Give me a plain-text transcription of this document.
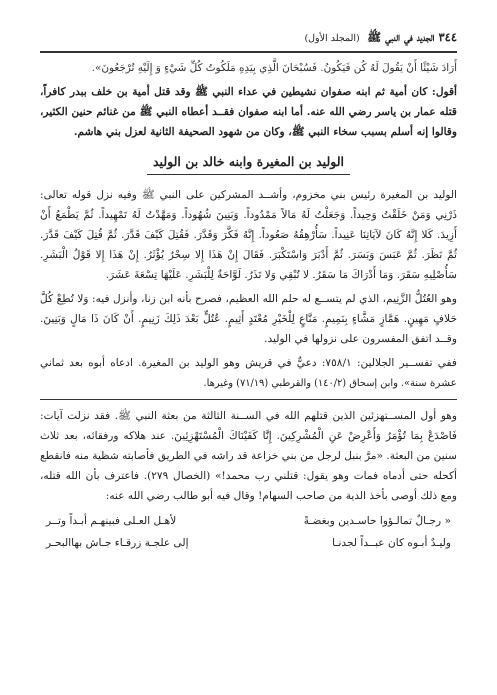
٣٤٤ الجديد في النبي ﷺ (المجلد الأول)

أَرَادَ شَيْئًا أَنْ يَقُولَ لَهُ كُن فَيَكُونُ. فَسُبْحَانَ الَّذِي بِيَدِهِ مَلَكُوتُ كُلِّ شَيْءٍ وَ إِلَيْهِ تُرْجَعُونَ».

أقول: كان أمية ثم ابنه صفوان نشيطين في عداء النبي ﷺ وقد قتل أمية بن خلف ببدر كافراً، قتله عمار بن ياسر رضي الله عنه. أما ابنه صفوان فقــد أعطاه النبي ﷺ من غنائم حنين الكثير، وقالوا إنه أسلم بسبب سخاء النبي ﷺ، وكان من شهود الصحيفة الثانية لعزل بني هاشم.

الوليد بن المغيرة وابنه خالد بن الوليد

الوليد بن المغيرة رئيس بني مخزوم، وأشــد المشركين على النبي ﷺ وفيه نزل قوله تعالى: ذَرْنِي وَمَنْ خَلَقْتُ وَحِيداً. وَجَعَلْتُ لَهُ مَالاً مَمْدُوداً. وَبَنِينَ شُهُوداً. وَمَهَّدْتُ لَهُ تَمْهِيداً. ثُمَّ يَطْمَعُ أَنْ أَزِيدَ. كَلا إِنَّهُ كَانَ لآيَاتِنَا عَنِيداً. سَأُرْهِقُهُ صَعُوداً. إِنَّهُ فَكَّرَ وَقَدَّرَ. فَقُتِلَ كَيْفَ قَدَّرَ. ثُمَّ قُتِلَ كَيْفَ قَدَّرَ. ثُمَّ نَظَرَ. ثُمَّ عَبَسَ وَبَسَرَ. ثُمَّ أَدْبَرَ وَاسْتَكْبَرَ. فَقَالَ إِنْ هَذَا إِلا سِحْرٌ يُؤْثَرُ. إِنْ هَذَا إِلا قَوْلُ الْبَشَرِ. سَأُصْلِيهِ سَقَرَ. وَمَا أَدْرَاكَ مَا سَقَرُ. لا تُبْقِي وَلا تَذَرُ. لَوَّاحَةٌ لِلْبَشَرِ. عَلَيْهَا تِسْعَةَ عَشَرَ.

وهو العُتُلُّ الزَّنِيم، الذي لم يتســع له حلم الله العظيم، فصرح بأنه ابن زنا، وأنزل فيه: وَلا تُطِعْ كُلَّ حَلافٍ مَهِينٍ. هَمَّازٍ مَشَّاءٍ بِنَمِيمٍ. مَنَّاعٍ لِلْخَيْرِ مُعْتَدٍ أَثِيمٍ. عُتُلٍّ بَعْدَ ذَلِكَ زَنِيمٍ. أَنْ كَانَ ذَا مَالٍ وَبَنِينَ. وقــد اتفق المفسرون على نزولها في الوليد.

ففي تفســير الجلالين: ٧٥٨/١: دعيٌّ في قريش وهو الوليد بن المغيرة. ادعاه أبوه بعد ثماني عشرة سنة». وابن إسحاق (١٤٠/٢) والقرطبي (٧١/١٩) وغيرها.

وهو أول المســتهزئين الذين قتلهم الله في الســنة الثالثة من بعثة النبي ﷺ. فقد نزلت آيات: فَاصْدَعْ بِمَا تُؤْمَرُ وَأَعْرِضْ عَنِ الْمُشْرِكِينَ. إِنَّا كَفَيْنَاكَ الْمُسْتَهْزِئِينَ. عند هلاكه ورفقائه، بعد ثلاث سنين من البعثة. «مرَّ بنبل لرجل من بني خزاعة قد راشه في الطريق فأصابته شظية منه فانقطع أكحله حتى أدماه فمات وهو يقول: قتلني رب محمد!» (الخصال ٢٧٩). فاعترف بأن الله قتله، ومع ذلك أوصى بأخذ الدية من صاحب السهام! وقال فيه أبو طالب رضي الله عنه:

« رجـالٌ تمالـؤوا حاسـدين وبغضـةً
لأهـل العـلى فبينهـم أبـداً وتــر
وليـدٌ أبـوه كان عبــداً لجدنـا
إلى علجـة زرقـاء جـاش بهاالبحـر
